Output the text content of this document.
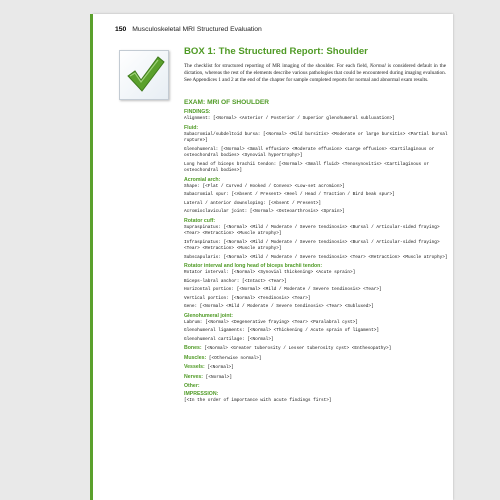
150 Musculoskeletal MRI Structured Evaluation
BOX 1: The Structured Report: Shoulder
The checklist for structured reporting of MR imaging of the shoulder. For each field, Normal is considered default in the dictation, whereas the rest of the elements describe various pathologies that could be encountered during imaging evaluation. See Appendices 1 and 2 at the end of the chapter for sample completed reports for normal and abnormal exam results.
EXAM: MRI OF SHOULDER
FINDINGS:
Alignment: [<Normal> <Anterior / Posterior / Superior glenohumeral subluxation>]
Fluid:
Subacromial/subdeltoid bursa: [<Normal> <Mild bursitis> <Moderate or large bursitis> <Partial bursal rupture>]
Glenohumeral: [<Normal> <Small effusion> <Moderate effusion> <Large effusion> <Cartilaginous or osteochondral bodies> <Synovial hypertrophy>]
Long head of biceps brachii tendon: [<Normal> <Small fluid> <Tenosynovitis> <Cartilaginous or osteochondral bodies>]
Acromial arch:
Shape: [<Flat / Curved / Hooked / Convex> <Low-set acromion>]
Subacromial spur: [<Absent / Present> <Heel / Head / Traction / Bird beak spur>]
Lateral / anterior downsloping: [<Absent / Present>]
Acromioclavicular joint: [<Normal> <Osteoarthrosis> <Sprain>]
Rotator cuff:
Supraspinatus: [<Normal> <Mild / Moderate / Severe tendinosis> <Bursal / Articular-sided fraying> <Tear> <Retraction> <Muscle atrophy>]
Infraspinatus: [<Normal> <Mild / Moderate / Severe tendinosis> <Bursal / Articular-sided fraying> <Tear> <Retraction> <Muscle atrophy>]
Subscapularis: [<Normal> <Mild / Moderate / Severe tendinosis> <Tear> <Retraction> <Muscle atrophy>]
Rotator interval and long head of biceps brachii tendon:
Rotator interval: [<Normal> <Synovial thickening> <Acute sprain>]
Biceps-labral anchor: [<Intact> <Tear>]
Horizontal portion: [<Normal> <Mild / Moderate / Severe tendinosis> <Tear>]
Vertical portion: [<Normal> <Tendinosis> <Tear>]
Gene: [<Normal> <Mild / Moderate / Severe tendinosis> <Tear> <Subluxed>]
Glenohumeral joint:
Labrum: [<Normal> <Degenerative fraying> <Tear> <Paralabral cyst>]
Glenohumeral ligaments: [<Normal> <Thickening / Acute sprain of ligament>]
Glenohumeral cartilage: [<Normal>]
Bones: [<Normal> <Greater tuberosity / Lesser tuberosity cyst> <Enthesopathy>]
Muscles: [<Otherwise normal>]
Vessels: [<Normal>]
Nerves: [<Normal>]
Other:
IMPRESSION:
[<In the order of importance with acute findings first>]
